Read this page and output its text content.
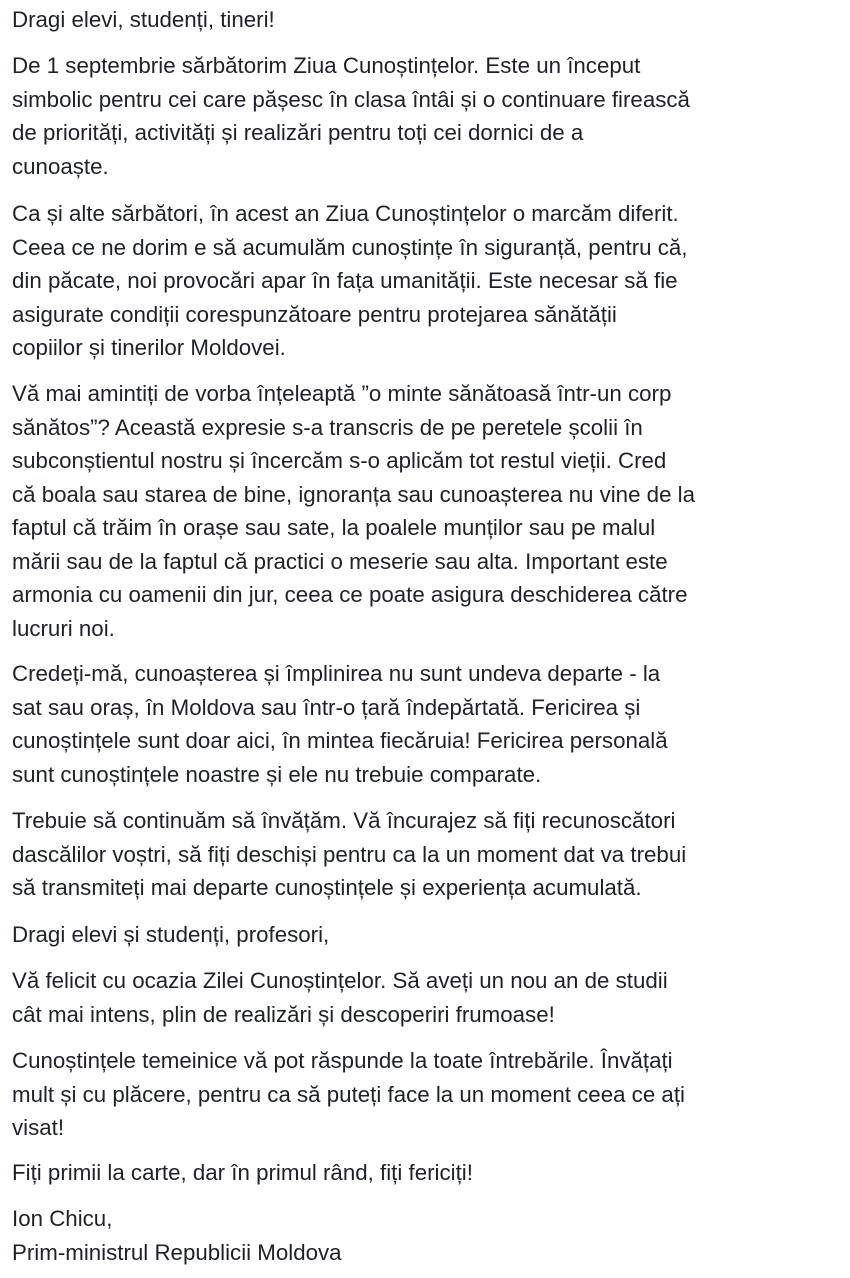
Dragi elevi, studenți, tineri!

De 1 septembrie sărbătorim Ziua Cunoștințelor. Este un început
simbolic pentru cei care pășesc în clasa întâi și o continuare firească
de priorități, activități și realizări pentru toți cei dornici de a
cunoaște.

Ca și alte sărbători, în acest an Ziua Cunoștințelor o marcăm diferit.
Ceea ce ne dorim e să acumulăm cunoștințe în siguranță, pentru că,
din păcate, noi provocări apar în fața umanității. Este necesar să fie
asigurate condiții corespunzătoare pentru protejarea sănătății
copiilor și tinerilor Moldovei.

Vă mai amintiți de vorba înțeleaptă ”o minte sănătoasă într-un corp
sănătos”? Această expresie s-a transcris de pe peretele școlii în
subconștientul nostru și încercăm s-o aplicăm tot restul vieții. Cred
că boala sau starea de bine, ignoranța sau cunoașterea nu vine de la
faptul că trăim în orașe sau sate, la poalele munților sau pe malul
mării sau de la faptul că practici o meserie sau alta. Important este
armonia cu oamenii din jur, ceea ce poate asigura deschiderea către
lucruri noi.

Credeți-mă, cunoașterea și împlinirea nu sunt undeva departe - la
sat sau oraș, în Moldova sau într-o țară îndepărtată. Fericirea și
cunoștințele sunt doar aici, în mintea fiecăruia! Fericirea personală
sunt cunoștințele noastre și ele nu trebuie comparate.

Trebuie să continuăm să învățăm. Vă încurajez să fiți recunoscători
dascălilor voștri, să fiți deschiși pentru ca la un moment dat va trebui
să transmiteți mai departe cunoștințele și experiența acumulată.

Dragi elevi și studenți, profesori,

Vă felicit cu ocazia Zilei Cunoștințelor. Să aveți un nou an de studii
cât mai intens, plin de realizări și descoperiri frumoase!

Cunoștințele temeinice vă pot răspunde la toate întrebările. Învățați
mult și cu plăcere, pentru ca să puteți face la un moment ceea ce ați
visat!

Fiți primii la carte, dar în primul rând, fiți fericiți!

Ion Chicu,
Prim-ministrul Republicii Moldova
